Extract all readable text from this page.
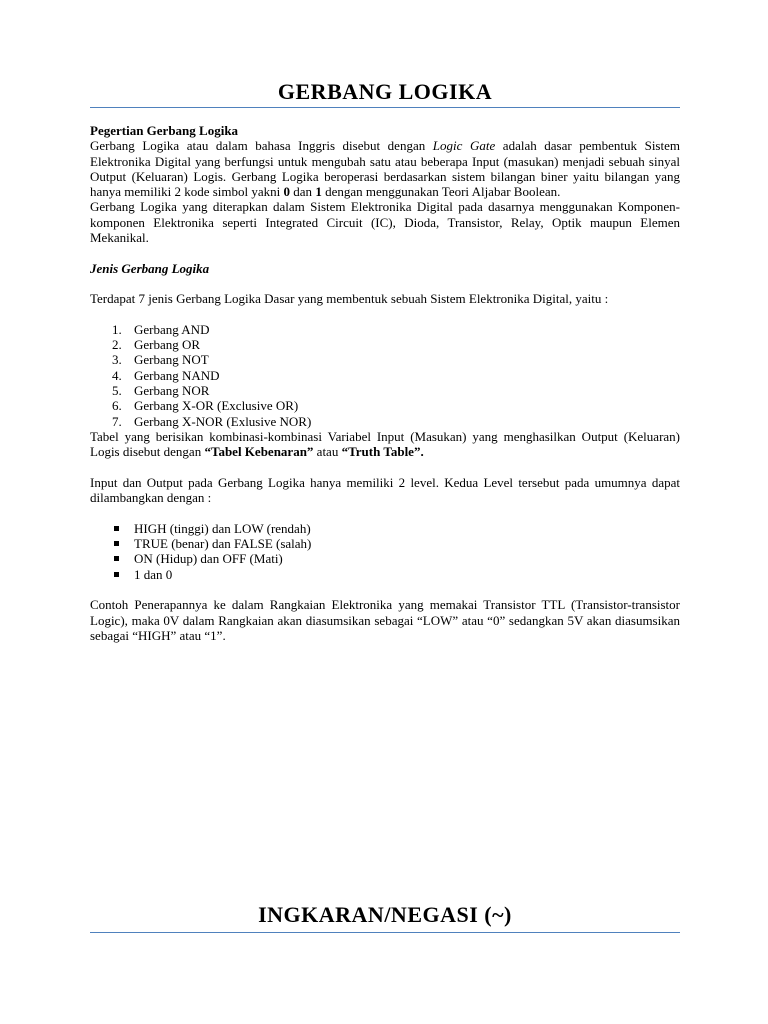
GERBANG LOGIKA

Pegertian Gerbang Logika

Gerbang Logika atau dalam bahasa Inggris disebut dengan Logic Gate adalah dasar pembentuk Sistem Elektronika Digital yang berfungsi untuk mengubah satu atau beberapa Input (masukan) menjadi sebuah sinyal Output (Keluaran) Logis. Gerbang Logika beroperasi berdasarkan sistem bilangan biner yaitu bilangan yang hanya memiliki 2 kode simbol yakni 0 dan 1 dengan menggunakan Teori Aljabar Boolean.

Gerbang Logika yang diterapkan dalam Sistem Elektronika Digital pada dasarnya menggunakan Komponen-komponen Elektronika seperti Integrated Circuit (IC), Dioda, Transistor, Relay, Optik maupun Elemen Mekanikal.

Jenis Gerbang Logika

Terdapat 7 jenis Gerbang Logika Dasar yang membentuk sebuah Sistem Elektronika Digital, yaitu :

1. Gerbang AND
2. Gerbang OR
3. Gerbang NOT
4. Gerbang NAND
5. Gerbang NOR
6. Gerbang X-OR (Exclusive OR)
7. Gerbang X-NOR (Exlusive NOR)

Tabel yang berisikan kombinasi-kombinasi Variabel Input (Masukan) yang menghasilkan Output (Keluaran) Logis disebut dengan “Tabel Kebenaran” atau “Truth Table”.

Input dan Output pada Gerbang Logika hanya memiliki 2 level. Kedua Level tersebut pada umumnya dapat dilambangkan dengan :

HIGH (tinggi) dan LOW (rendah)
TRUE (benar) dan FALSE (salah)
ON (Hidup) dan OFF (Mati)
1 dan 0

Contoh Penerapannya ke dalam Rangkaian Elektronika yang memakai Transistor TTL (Transistor-transistor Logic), maka 0V dalam Rangkaian akan diasumsikan sebagai “LOW” atau “0” sedangkan 5V akan diasumsikan sebagai “HIGH” atau “1”.

INGKARAN/NEGASI (~)
